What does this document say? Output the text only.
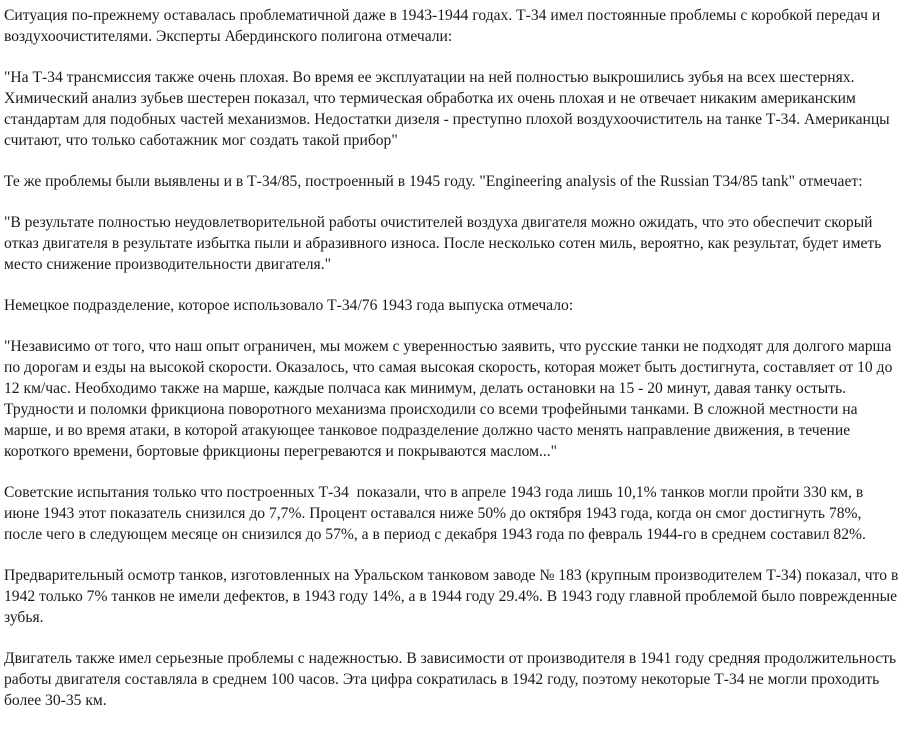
Ситуация по-прежнему оставалась проблематичной даже в 1943-1944 годах. Т-34 имел постоянные проблемы с коробкой передач и воздухоочистителями. Эксперты Абердинского полигона отмечали:

"На Т-34 трансмиссия также очень плохая. Во время ее эксплуатации на ней полностью выкрошились зубья на всех шестернях. Химический анализ зубьев шестерен показал, что термическая обработка их очень плохая и не отвечает никаким американским стандартам для подобных частей механизмов. Недостатки дизеля - преступно плохой воздухоочиститель на танке Т-34. Американцы считают, что только саботажник мог создать такой прибор"

Те же проблемы были выявлены и в Т-34/85, построенный в 1945 году. "Engineering analysis of the Russian T34/85 tank" отмечает:

"В результате полностью неудовлетворительной работы очистителей воздуха двигателя можно ожидать, что это обеспечит скорый отказ двигателя в результате избытка пыли и абразивного износа. После несколько сотен миль, вероятно, как результат, будет иметь место снижение производительности двигателя."

Немецкое подразделение, которое использовало Т-34/76 1943 года выпуска отмечало:

"Независимо от того, что наш опыт ограничен, мы можем с уверенностью заявить, что русские танки не подходят для долгого марша по дорогам и езды на высокой скорости. Оказалось, что самая высокая скорость, которая может быть достигнута, составляет от 10 до 12 км/час. Необходимо также на марше, каждые полчаса как минимум, делать остановки на 15 - 20 минут, давая танку остыть. Трудности и поломки фрикциона поворотного механизма происходили со всеми трофейными танками. В сложной местности на марше, и во время атаки, в которой атакующее танковое подразделение должно часто менять направление движения, в течение короткого времени, бортовые фрикционы перегреваются и покрываются маслом..."

Советские испытания только что построенных Т-34  показали, что в апреле 1943 года лишь 10,1% танков могли пройти 330 км, в июне 1943 этот показатель снизился до 7,7%. Процент оставался ниже 50% до октября 1943 года, когда он смог достигнуть 78%, после чего в следующем месяце он снизился до 57%, а в период с декабря 1943 года по февраль 1944-го в среднем составил 82%.

Предварительный осмотр танков, изготовленных на Уральском танковом заводе № 183 (крупным производителем Т-34) показал, что в 1942 только 7% танков не имели дефектов, в 1943 году 14%, а в 1944 году 29.4%. В 1943 году главной проблемой было поврежденные зубья.

Двигатель также имел серьезные проблемы с надежностью. В зависимости от производителя в 1941 году средняя продолжительность работы двигателя составляла в среднем 100 часов. Эта цифра сократилась в 1942 году, поэтому некоторые Т-34 не могли проходить более 30-35 км.
